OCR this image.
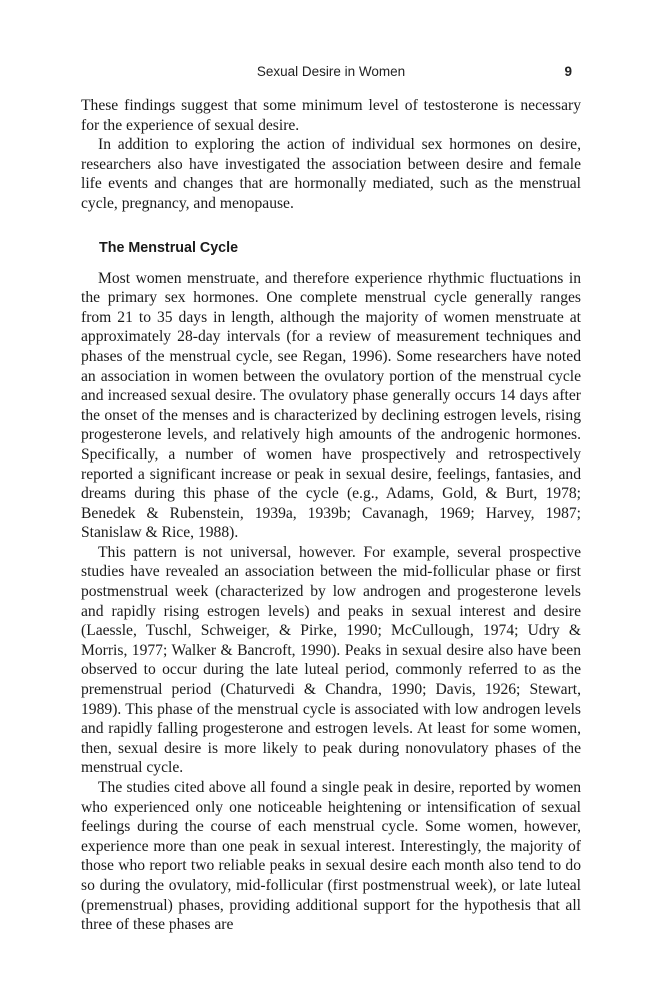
Sexual Desire in Women	9

These findings suggest that some minimum level of testosterone is necessary for the experience of sexual desire.

In addition to exploring the action of individual sex hormones on desire, researchers also have investigated the association between desire and female life events and changes that are hormonally mediated, such as the menstrual cycle, pregnancy, and menopause.

The Menstrual Cycle

Most women menstruate, and therefore experience rhythmic fluctuations in the primary sex hormones. One complete menstrual cycle generally ranges from 21 to 35 days in length, although the majority of women menstruate at approximately 28-day intervals (for a review of measurement techniques and phases of the menstrual cycle, see Regan, 1996). Some researchers have noted an association in women between the ovulatory portion of the menstrual cycle and increased sexual desire. The ovulatory phase generally occurs 14 days after the onset of the menses and is characterized by declining estrogen levels, rising progesterone levels, and relatively high amounts of the androgenic hormones. Specifically, a number of women have prospectively and retrospectively reported a significant increase or peak in sexual desire, feelings, fantasies, and dreams during this phase of the cycle (e.g., Adams, Gold, & Burt, 1978; Benedek & Rubenstein, 1939a, 1939b; Cavanagh, 1969; Harvey, 1987; Stanislaw & Rice, 1988).

This pattern is not universal, however. For example, several prospective studies have revealed an association between the mid-follicular phase or first postmenstrual week (characterized by low androgen and progesterone levels and rapidly rising estrogen levels) and peaks in sexual interest and desire (Laessle, Tuschl, Schweiger, & Pirke, 1990; McCullough, 1974; Udry & Morris, 1977; Walker & Bancroft, 1990). Peaks in sexual desire also have been observed to occur during the late luteal period, commonly referred to as the premenstrual period (Chaturvedi & Chandra, 1990; Davis, 1926; Stewart, 1989). This phase of the menstrual cycle is associated with low androgen levels and rapidly falling progesterone and estrogen levels. At least for some women, then, sexual desire is more likely to peak during nonovulatory phases of the menstrual cycle.

The studies cited above all found a single peak in desire, reported by women who experienced only one noticeable heightening or intensification of sexual feelings during the course of each menstrual cycle. Some women, however, experience more than one peak in sexual interest. Interestingly, the majority of those who report two reliable peaks in sexual desire each month also tend to do so during the ovulatory, mid-follicular (first postmenstrual week), or late luteal (premenstrual) phases, providing additional support for the hypothesis that all three of these phases are
